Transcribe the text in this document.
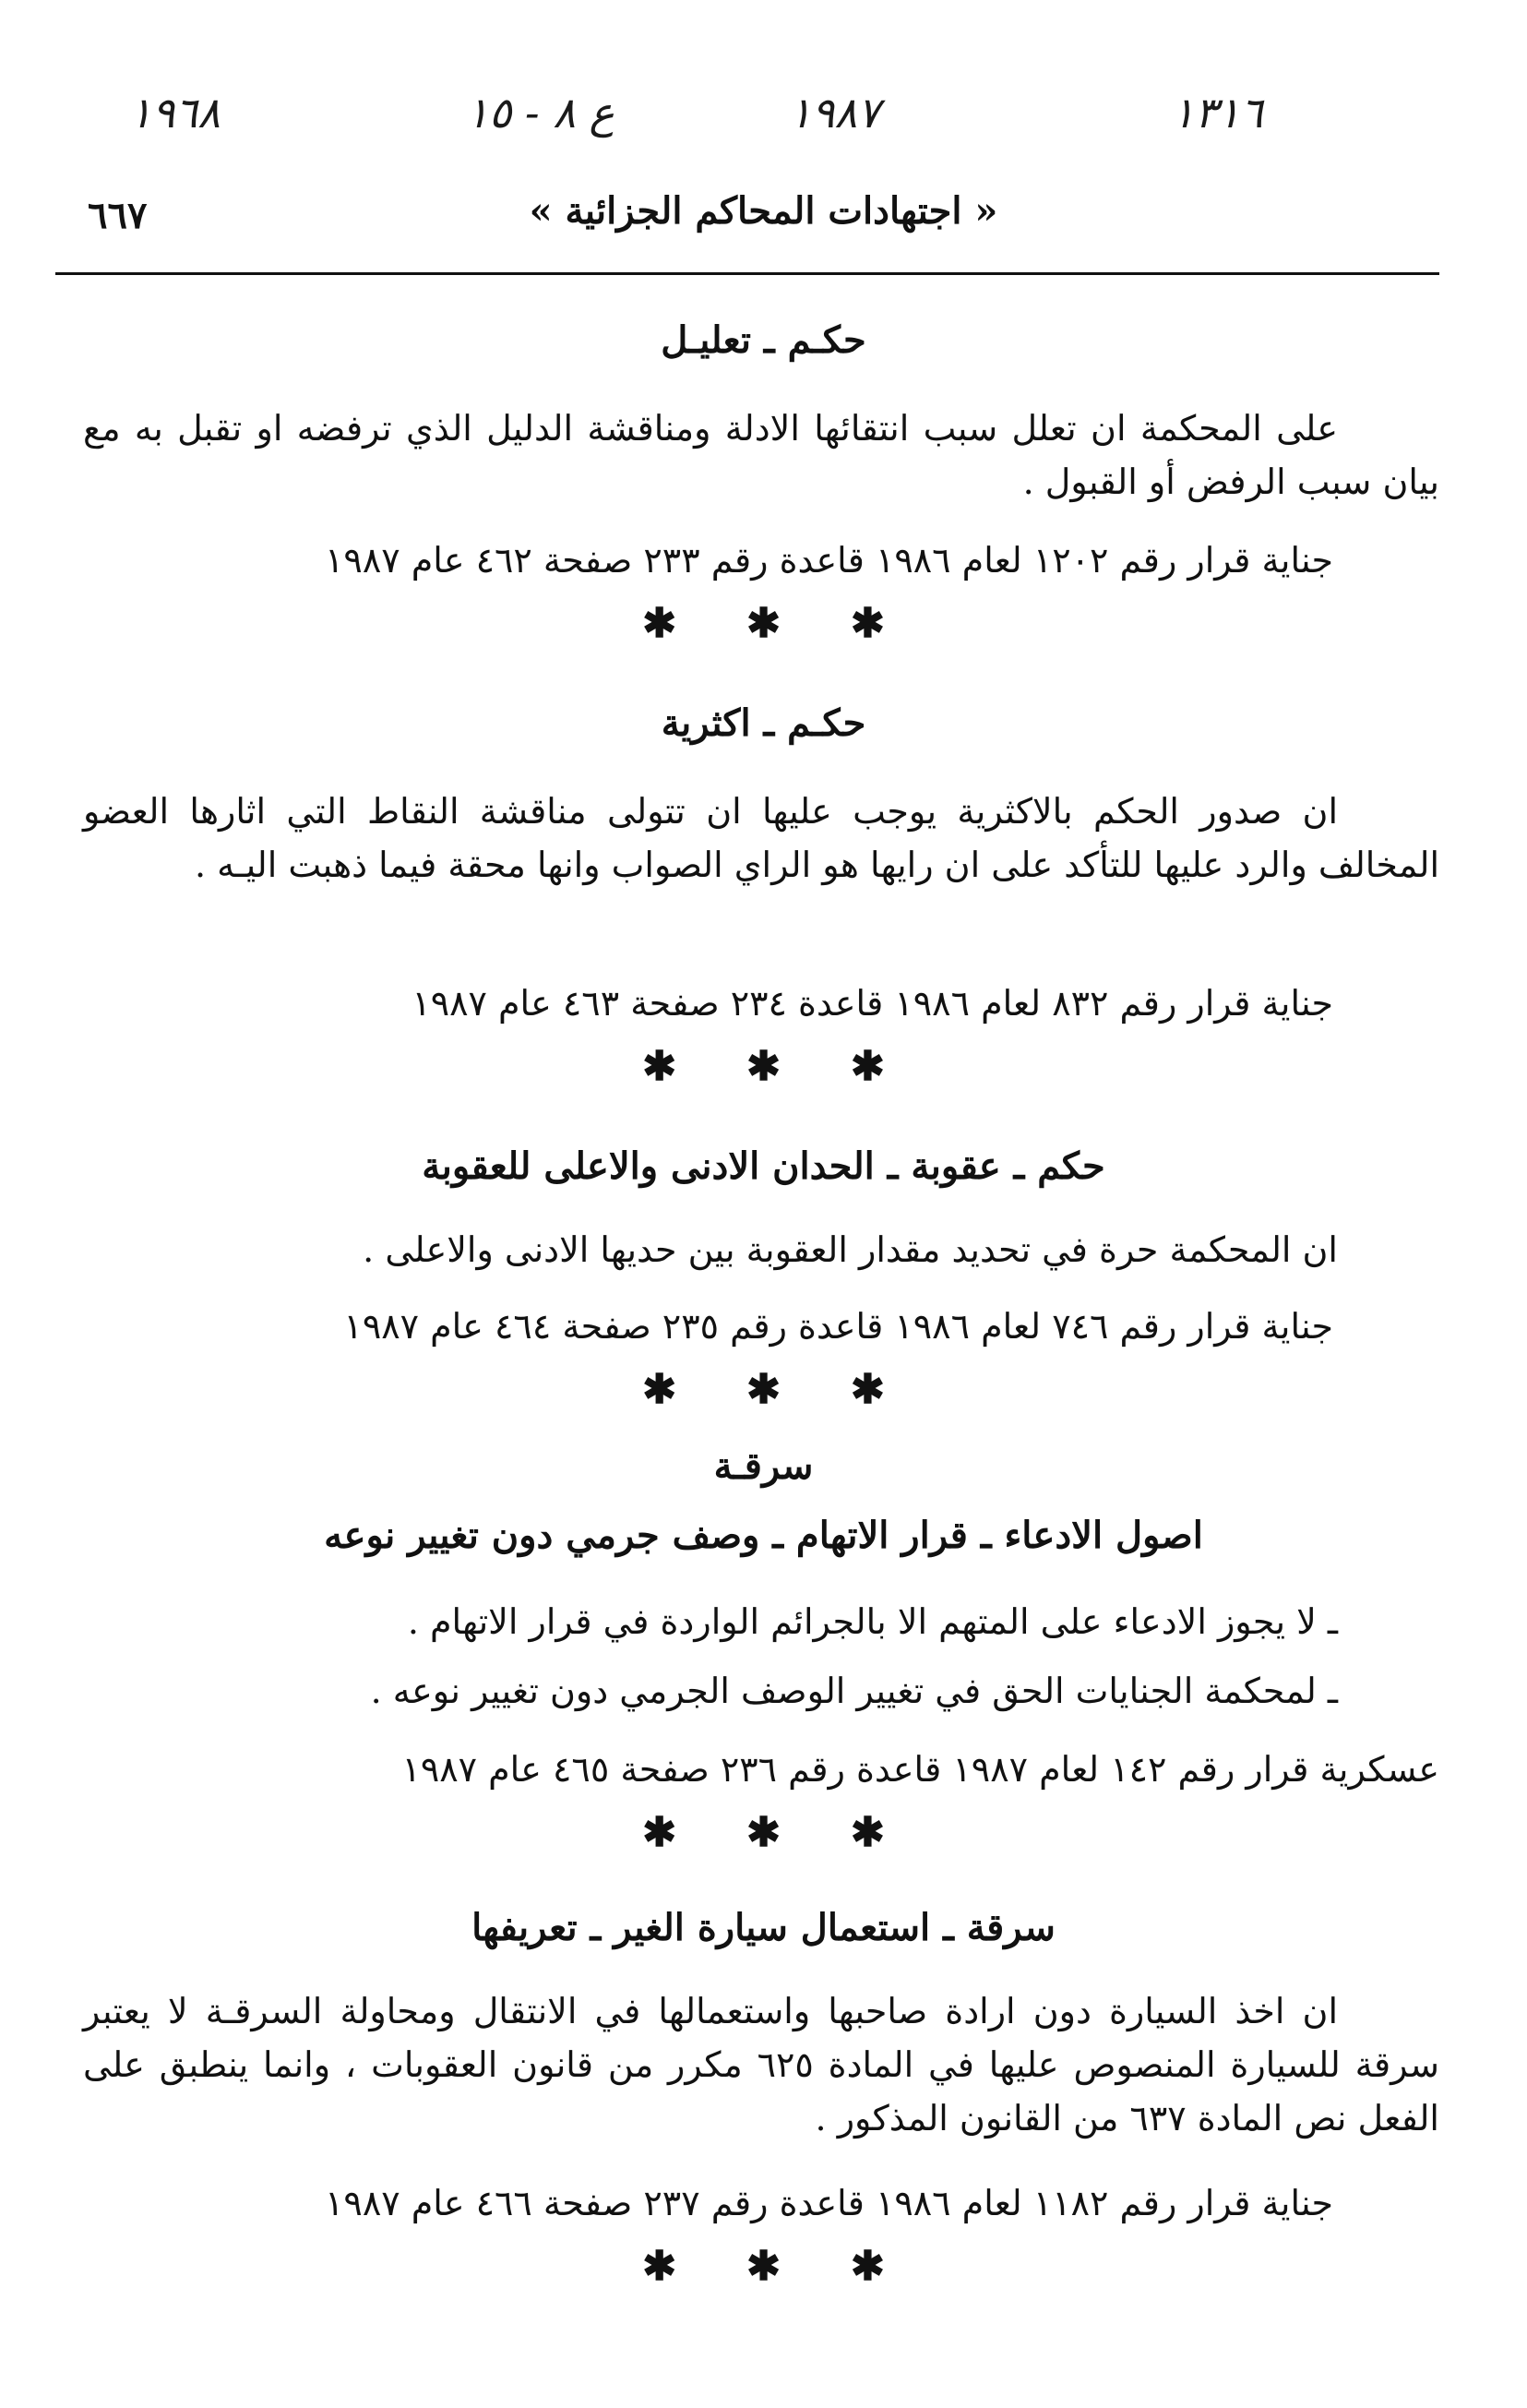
١٣١٦
١٩٨٧
ع ٨ - ١٥
١٩٦٨
« اجتهادات المحاكم الجزائية »
٦٦٧
حكـم ـ تعليـل
على المحكمة ان تعلل سبب انتقائها الادلة ومناقشة الدليل الذي ترفضه او تقبل به مع بيان سبب الرفض أو القبول .
جناية قرار رقم ١٢٠٢ لعام ١٩٨٦ قاعدة رقم ٢٣٣ صفحة ٤٦٢ عام ١٩٨٧
✱ ✱ ✱
حكـم ـ اكثرية
ان صدور الحكم بالاكثرية يوجب عليها ان تتولى مناقشة النقاط التي اثارها العضو المخالف والرد عليها للتأكد على ان رايها هو الراي الصواب وانها محقة فيما ذهبت اليـه .
جناية قرار رقم ٨٣٢ لعام ١٩٨٦ قاعدة ٢٣٤ صفحة ٤٦٣ عام ١٩٨٧
✱ ✱ ✱
حكم ـ عقوبة ـ الحدان الادنى والاعلى للعقوبة
ان المحكمة حرة في تحديد مقدار العقوبة بين حديها الادنى والاعلى .
جناية قرار رقم ٧٤٦ لعام ١٩٨٦ قاعدة رقم ٢٣٥ صفحة ٤٦٤ عام ١٩٨٧
✱ ✱ ✱
سرقـة
اصول الادعاء ـ قرار الاتهام ـ وصف جرمي دون تغيير نوعه
ـ لا يجوز الادعاء على المتهم الا بالجرائم الواردة في قرار الاتهام .
ـ لمحكمة الجنايات الحق في تغيير الوصف الجرمي دون تغيير نوعه .
عسكرية قرار رقم ١٤٢ لعام ١٩٨٧ قاعدة رقم ٢٣٦ صفحة ٤٦٥ عام ١٩٨٧
✱ ✱ ✱
سرقة ـ استعمال سيارة الغير ـ تعريفها
ان اخذ السيارة دون ارادة صاحبها واستعمالها في الانتقال ومحاولة السرقـة لا يعتبر سرقة للسيارة المنصوص عليها في المادة ٦٢٥ مكرر من قانون العقوبات ، وانما ينطبق على الفعل نص المادة ٦٣٧ من القانون المذكور .
جناية قرار رقم ١١٨٢ لعام ١٩٨٦ قاعدة رقم ٢٣٧ صفحة ٤٦٦ عام ١٩٨٧
✱ ✱ ✱
